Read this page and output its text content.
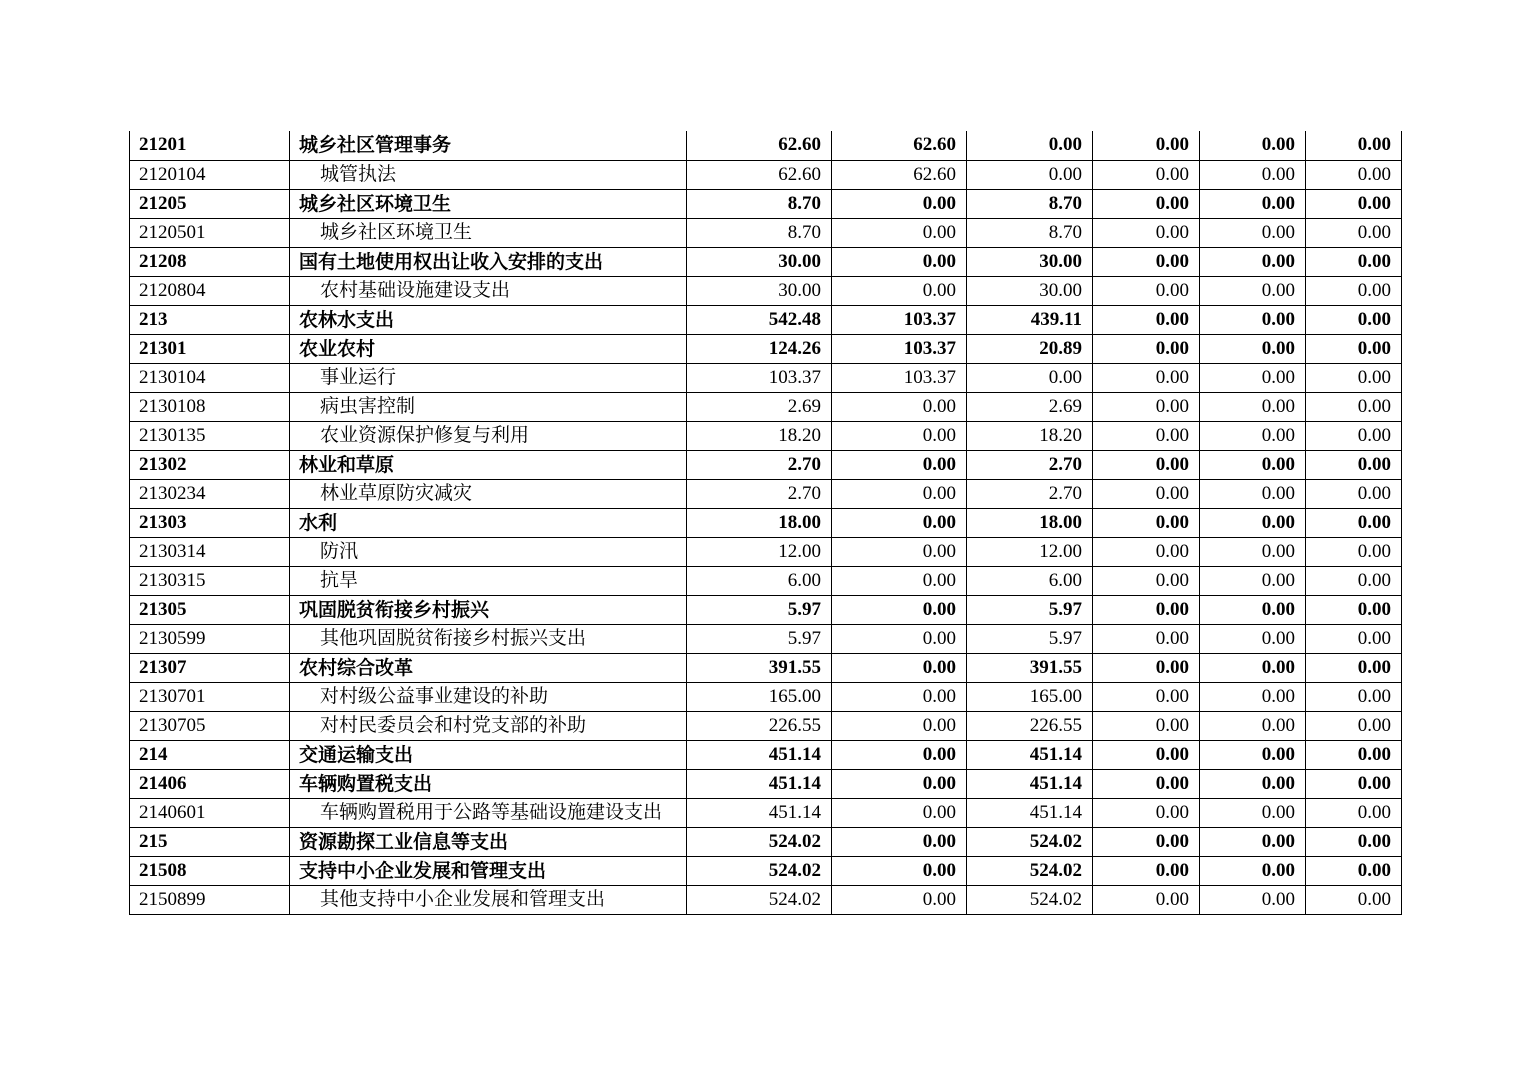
21201	城乡社区管理事务	62.60	62.60	0.00	0.00	0.00	0.00
2120104	城管执法	62.60	62.60	0.00	0.00	0.00	0.00
21205	城乡社区环境卫生	8.70	0.00	8.70	0.00	0.00	0.00
2120501	城乡社区环境卫生	8.70	0.00	8.70	0.00	0.00	0.00
21208	国有土地使用权出让收入安排的支出	30.00	0.00	30.00	0.00	0.00	0.00
2120804	农村基础设施建设支出	30.00	0.00	30.00	0.00	0.00	0.00
213	农林水支出	542.48	103.37	439.11	0.00	0.00	0.00
21301	农业农村	124.26	103.37	20.89	0.00	0.00	0.00
2130104	事业运行	103.37	103.37	0.00	0.00	0.00	0.00
2130108	病虫害控制	2.69	0.00	2.69	0.00	0.00	0.00
2130135	农业资源保护修复与利用	18.20	0.00	18.20	0.00	0.00	0.00
21302	林业和草原	2.70	0.00	2.70	0.00	0.00	0.00
2130234	林业草原防灾减灾	2.70	0.00	2.70	0.00	0.00	0.00
21303	水利	18.00	0.00	18.00	0.00	0.00	0.00
2130314	防汛	12.00	0.00	12.00	0.00	0.00	0.00
2130315	抗旱	6.00	0.00	6.00	0.00	0.00	0.00
21305	巩固脱贫衔接乡村振兴	5.97	0.00	5.97	0.00	0.00	0.00
2130599	其他巩固脱贫衔接乡村振兴支出	5.97	0.00	5.97	0.00	0.00	0.00
21307	农村综合改革	391.55	0.00	391.55	0.00	0.00	0.00
2130701	对村级公益事业建设的补助	165.00	0.00	165.00	0.00	0.00	0.00
2130705	对村民委员会和村党支部的补助	226.55	0.00	226.55	0.00	0.00	0.00
214	交通运输支出	451.14	0.00	451.14	0.00	0.00	0.00
21406	车辆购置税支出	451.14	0.00	451.14	0.00	0.00	0.00
2140601	车辆购置税用于公路等基础设施建设支出	451.14	0.00	451.14	0.00	0.00	0.00
215	资源勘探工业信息等支出	524.02	0.00	524.02	0.00	0.00	0.00
21508	支持中小企业发展和管理支出	524.02	0.00	524.02	0.00	0.00	0.00
2150899	其他支持中小企业发展和管理支出	524.02	0.00	524.02	0.00	0.00	0.00
